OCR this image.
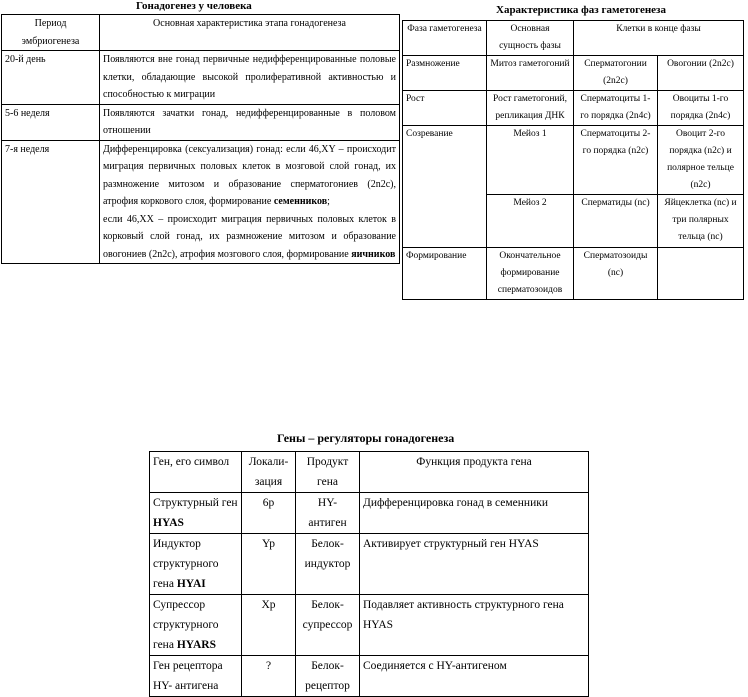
Гонадогенез у человека
Период эмбриогенеза	Основная характеристика этапа гонадогенеза
20-й день	Появляются вне гонад первичные недифференцированные половые клетки, обладающие высокой пролиферативной активностью и способностью к миграции
5-6 неделя	Появляются зачатки гонад, недифференцированные в половом отношении
7-я неделя	Дифференцировка (сексуализация) гонад: если 46,XY – происходит миграция первичных половых клеток в мозговой слой гонад, их размножение митозом и образование сперматогониев (2n2c), атрофия коркового слоя, формирование семенников;
если 46,XX – происходит миграция первичных половых клеток в корковый слой гонад, их размножение митозом и образование овогониев (2n2c), атрофия мозгового слоя, формирование яичников
Характеристика фаз гаметогенеза
Фаза гаметогенеза	Основная сущность фазы	Клетки в конце фазы	
Размножение	Митоз гаметогоний	Сперматогонии (2n2c)	Овогонии (2n2c)
Рост	Рост гаметогоний, репликация ДНК	Сперматоциты 1-го порядка (2n4c)	Овоциты 1-го порядка (2n4c)
Созревание	Мейоз 1	Сперматоциты 2-го порядка (n2c)	Овоцит 2-го порядка (n2c) и полярное тельце (n2c)
	Мейоз 2	Сперматиды (nc)	Яйцеклетка (nc) и три полярных тельца (nc)
Формирование	Окончательное формирование сперматозоидов	Сперматозоиды (nc)	
Гены – регуляторы гонадогенеза
Ген, его символ	Локали- зация	Продукт гена	Функция продукта гена
Структурный ген HYAS	6p	HY- антиген	Дифференцировка гонад в семенники
Индуктор структурного гена HYAI	Yp	Белок- индуктор	Активирует структурный ген HYAS
Супрессор структурного гена HYARS	Xp	Белок- супрессор	Подавляет активность структурного гена HYAS
Ген рецептора HY- антигена	?	Белок- рецептор	Соединяется с HY-антигеном
